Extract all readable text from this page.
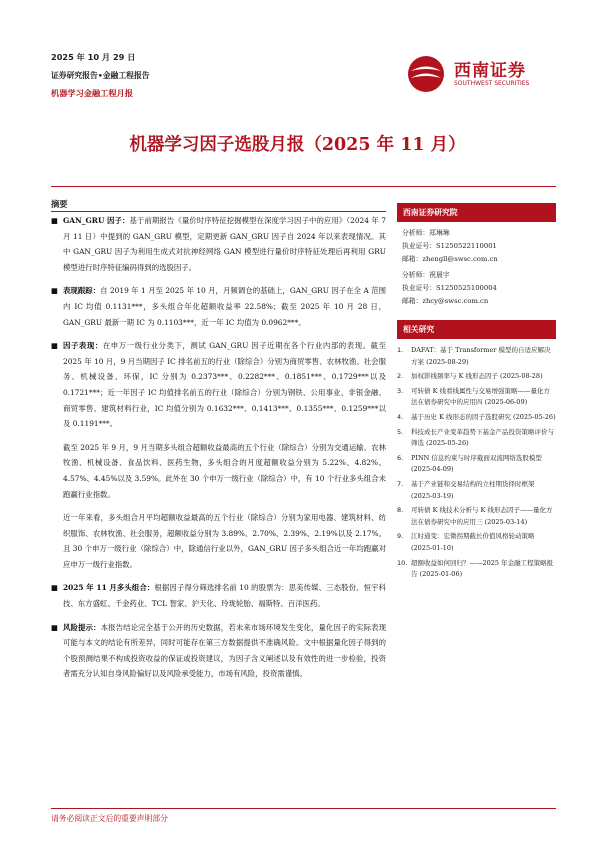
2025 年 10 月 29 日
证券研究报告•金融工程报告
机器学习金融工程月报
西南证券
SOUTHWEST SECURITIES
机器学习因子选股月报（2025 年 11 月）
摘要

■ GAN_GRU 因子：基于前期报告《量价时序特征挖掘模型在深度学习因子中的应用》（2024 年 7 月 11 日）中提到的 GAN_GRU 模型，定期更新 GAN_GRU 因子自 2024 年以来表现情况。其中 GAN_GRU 因子为利用生成式对抗神经网络 GAN 模型进行量价时序特征处理后再利用 GRU 模型进行时序特征编码得到的选股因子。

■ 表现跟踪：自 2019 年 1 月至 2025 年 10 月，月频调仓的基础上，GAN_GRU 因子在全 A 范围内 IC 均值 0.1131***，多头组合年化超额收益率 22.58%；截至 2025 年 10 月 28 日，GAN_GRU 最新一期 IC 为 0.1103***，近一年 IC 均值为 0.0962***。

■ 因子表现：在申万一级行业分类下，测试 GAN_GRU 因子近期在各个行业内部的表现。截至 2025 年 10 月，9 月当期因子 IC 排名前五的行业（除综合）分别为商贸零售、农林牧渔、社会服务、机械设备、环保，IC 分别为 0.2373***、0.2282***、0.1851***、0.1729***以及 0.1721***；近一年因子 IC 均值排名前五的行业（除综合）分别为钢铁、公用事业、非银金融、商贸零售、建筑材料行业，IC 均值分别为 0.1632***、0.1413***、0.1355***、0.1259***以及 0.1191***。

截至 2025 年 9 月，9 月当期多头组合超额收益最高的五个行业（除综合）分别为交通运输、农林牧渔、机械设备、食品饮料、医药生物，多头组合的月度超额收益分别为 5.22%、4.82%、4.57%、4.45%以及 3.59%。此外在 30 个申万一级行业（除综合）中，有 10 个行业多头组合未跑赢行业指数。

近一年来看，多头组合月平均超额收益最高的五个行业（除综合）分别为家用电器、建筑材料、纺织服饰、农林牧渔、社会服务，超额收益分别为 3.89%、2.70%、2.39%、2.19%以及 2.17%。且 30 个申万一级行业（除综合）中，除通信行业以外，GAN_GRU 因子多头组合近一年均跑赢对应申万一级行业指数。

■ 2025 年 11 月多头组合：根据因子得分筛选排名前 10 的股票为：思美传媒、三态股份、恒宇科技、东方盛虹、千金药业、TCL 智家、沪天化、玲珑轮胎、福斯特、百洋医药。

■ 风险提示：本报告结论完全基于公开的历史数据，若未来市场环境发生变化，量化因子的实际表现可能与本文的结论有所差异，同时可能存在第三方数据提供不准确风险。文中根据量化因子得到的个股预测结果不构成投资收益的保证或投资建议，为因子含义阐述以及有效性的进一步检验，投资者需充分认知自身风险偏好以及风险承受能力，市场有风险，投资需谨慎。

西南证券研究院
分析师：郑琳琳
执业证号：S1250522110001
邮箱：zhengll@swsc.com.cn
分析师：祝晨宇
执业证号：S1250525100004
邮箱：zhcy@swsc.com.cn
相关研究
1. DAFAT：基于 Transformer 模型的自适应解决方案 (2025-08-29)
2. 加权影线频率与 K 线形态因子 (2025-08-28)
3. 可转债 K 线看线属性与交易增强策略——量化方法在债券研究中的应用四 (2025-06-09)
4. 基于历史 K 线形态的因子选股研究 (2025-05-26)
5. 科技成长产业变革趋势下基金产品投资策略评价与筛选 (2025-05-26)
6. PINN 信息约束与时序截面双流网络选股模型 (2025-04-09)
7. 基于产业链和交易结构的立柱期货择时框架 (2025-03-19)
8. 可转债 K 线技术分析与 K 线形态因子——量化方法在债券研究中的应用三 (2025-03-14)
9. 江时通变：宏微拐期截长价值风格轮动策略 (2025-01-10)
10. 超额收益如何回归？——2025 年金融工程策略报告 (2025-01-06)
请务必阅读正文后的重要声明部分
